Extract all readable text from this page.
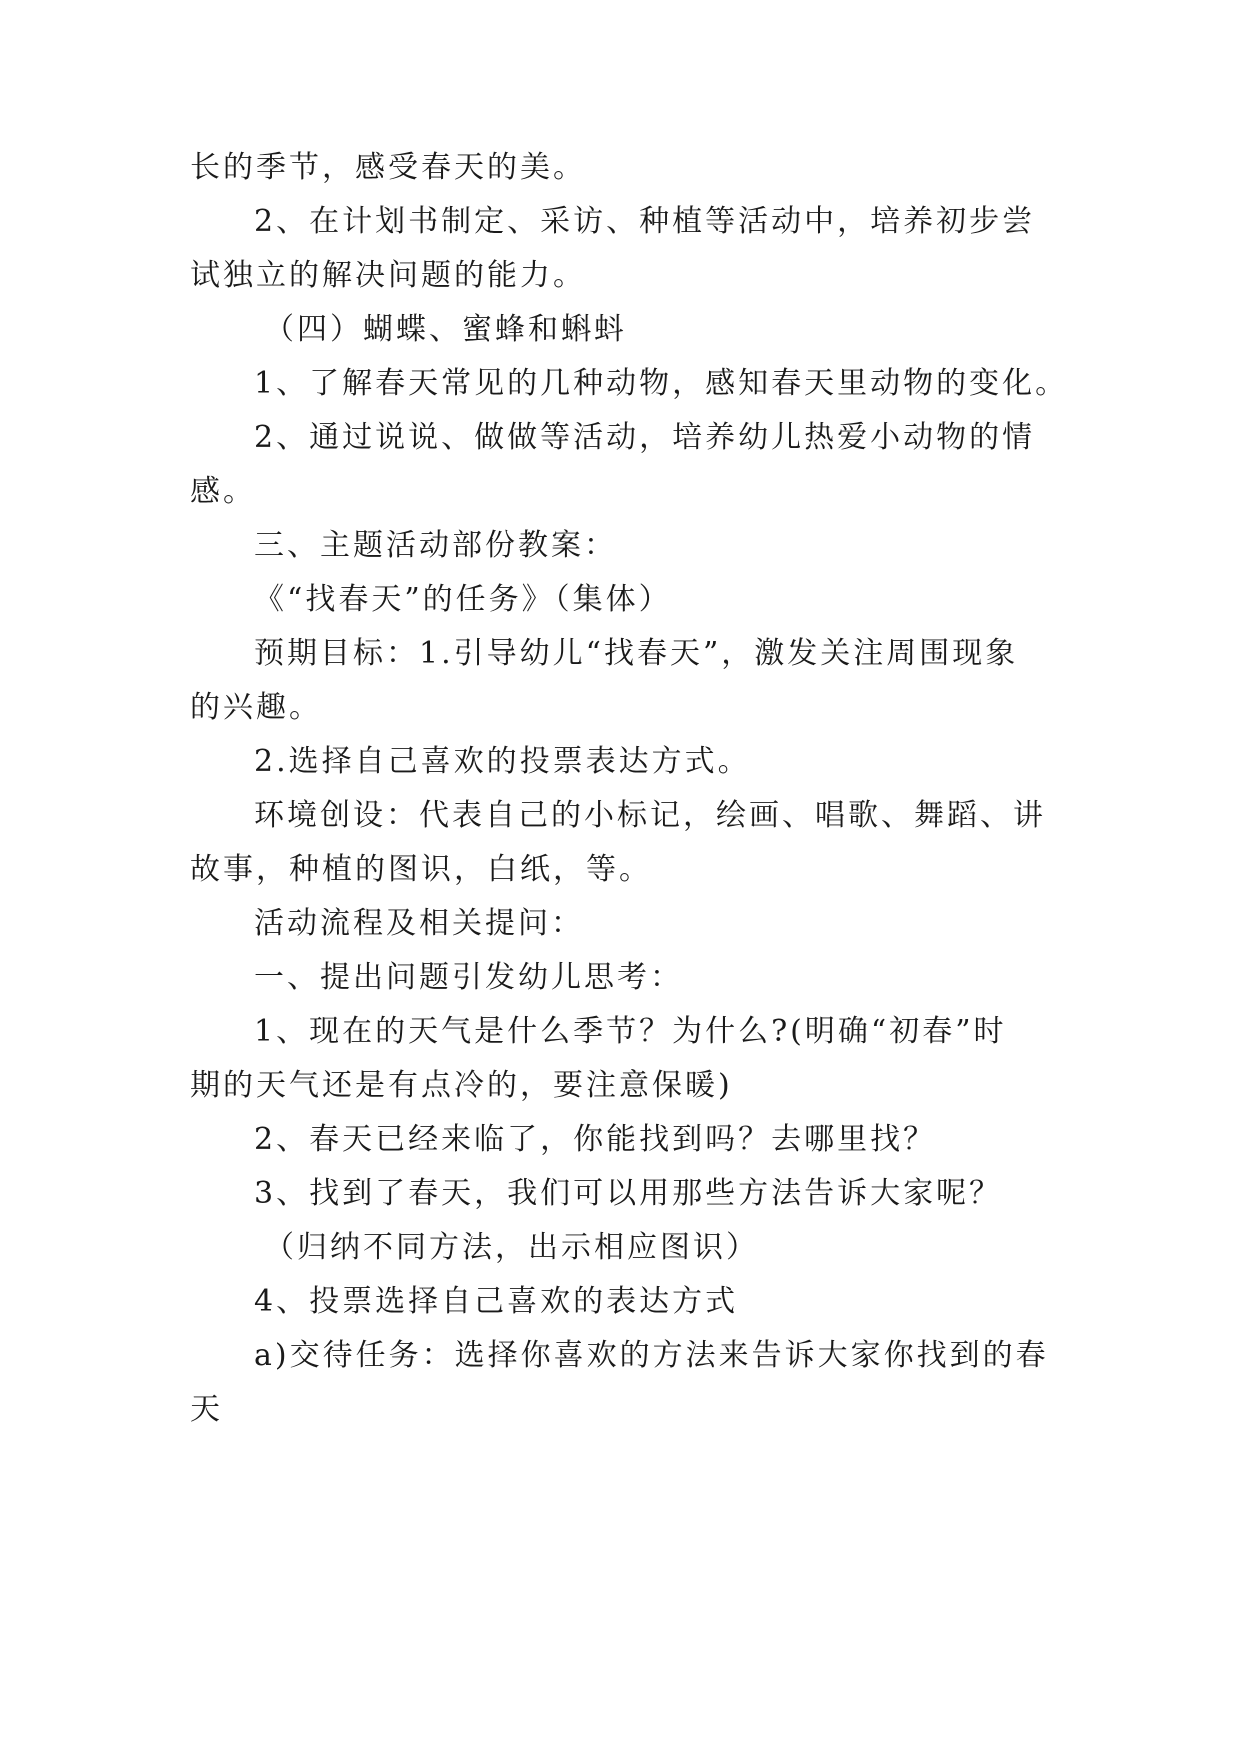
长的季节，感受春天的美。
2、在计划书制定、采访、种植等活动中，培养初步尝
试独立的解决问题的能力。
（四）蝴蝶、蜜蜂和蝌蚪
1、了解春天常见的几种动物，感知春天里动物的变化。
2、通过说说、做做等活动，培养幼儿热爱小动物的情
感。
三、主题活动部份教案：
《“找春天”的任务》（集体）
预期目标：1.引导幼儿“找春天”，激发关注周围现象
的兴趣。
2.选择自己喜欢的投票表达方式。
环境创设：代表自己的小标记，绘画、唱歌、舞蹈、讲
故事，种植的图识，白纸，等。
活动流程及相关提问：
一、提出问题引发幼儿思考：
1、现在的天气是什么季节？为什么?(明确“初春”时
期的天气还是有点冷的，要注意保暖)
2、春天已经来临了，你能找到吗？去哪里找？
3、找到了春天，我们可以用那些方法告诉大家呢？
（归纳不同方法，出示相应图识）
4、投票选择自己喜欢的表达方式
a)交待任务：选择你喜欢的方法来告诉大家你找到的春
天
